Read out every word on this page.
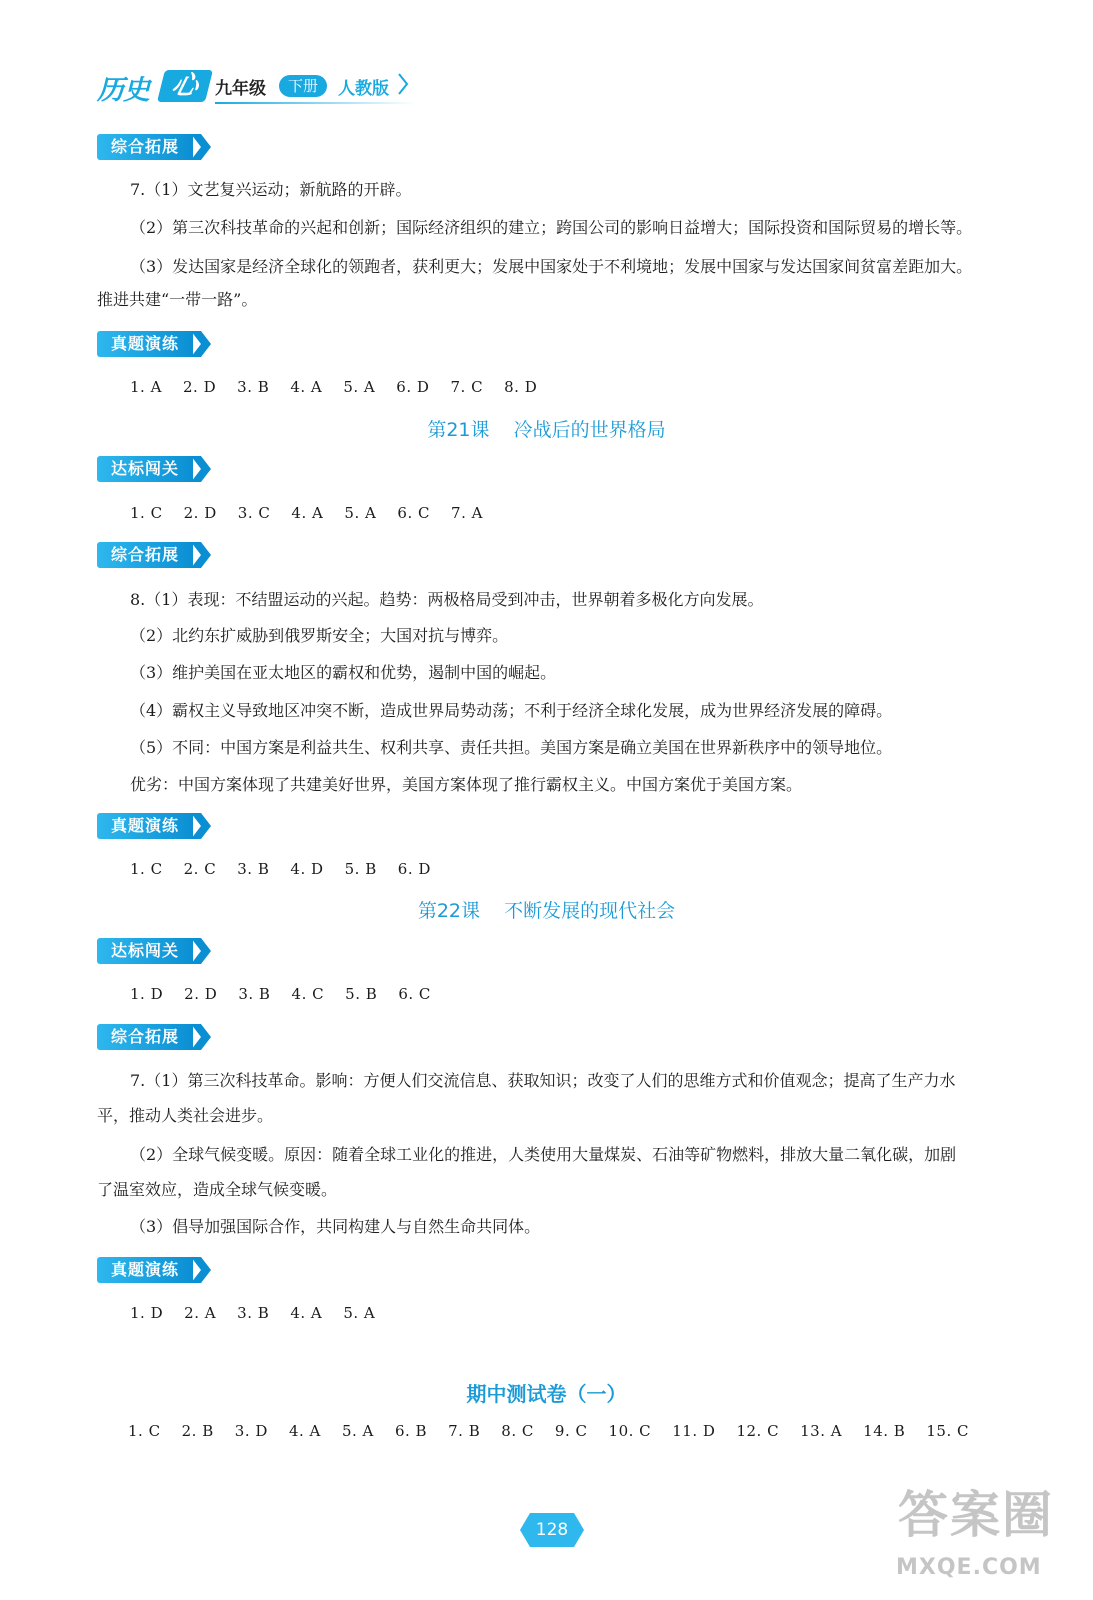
历史 心 九年级	下册	人教版
综合拓展
7.（1）文艺复兴运动；新航路的开辟。
（2）第三次科技革命的兴起和创新；国际经济组织的建立；跨国公司的影响日益增大；国际投资和国际贸易的增长等。
（3）发达国家是经济全球化的领跑者，获利更大；发展中国家处于不利境地；发展中国家与发达国家间贫富差距加大。
推进共建“一带一路”。
真题演练
1. A    2. D    3. B    4. A    5. A    6. D    7. C    8. D
第21课    冷战后的世界格局
达标闯关
1. C    2. D    3. C    4. A    5. A    6. C    7. A
综合拓展
8.（1）表现：不结盟运动的兴起。趋势：两极格局受到冲击，世界朝着多极化方向发展。
（2）北约东扩威胁到俄罗斯安全；大国对抗与博弈。
（3）维护美国在亚太地区的霸权和优势，遏制中国的崛起。
（4）霸权主义导致地区冲突不断，造成世界局势动荡；不利于经济全球化发展，成为世界经济发展的障碍。
（5）不同：中国方案是利益共生、权利共享、责任共担。美国方案是确立美国在世界新秩序中的领导地位。
优劣：中国方案体现了共建美好世界，美国方案体现了推行霸权主义。中国方案优于美国方案。
真题演练
1. C    2. C    3. B    4. D    5. B    6. D
第22课    不断发展的现代社会
达标闯关
1. D    2. D    3. B    4. C    5. B    6. C
综合拓展
7.（1）第三次科技革命。影响：方便人们交流信息、获取知识；改变了人们的思维方式和价值观念；提高了生产力水
平，推动人类社会进步。
（2）全球气候变暖。原因：随着全球工业化的推进，人类使用大量煤炭、石油等矿物燃料，排放大量二氧化碳，加剧
了温室效应，造成全球气候变暖。
（3）倡导加强国际合作，共同构建人与自然生命共同体。
真题演练
1. D    2. A    3. B    4. A    5. A
期中测试卷（一）
1. C    2. B    3. D    4. A    5. A    6. B    7. B    8. C    9. C    10. C    11. D    12. C    13. A    14. B    15. C
128	答案圈
MXQE.COM
